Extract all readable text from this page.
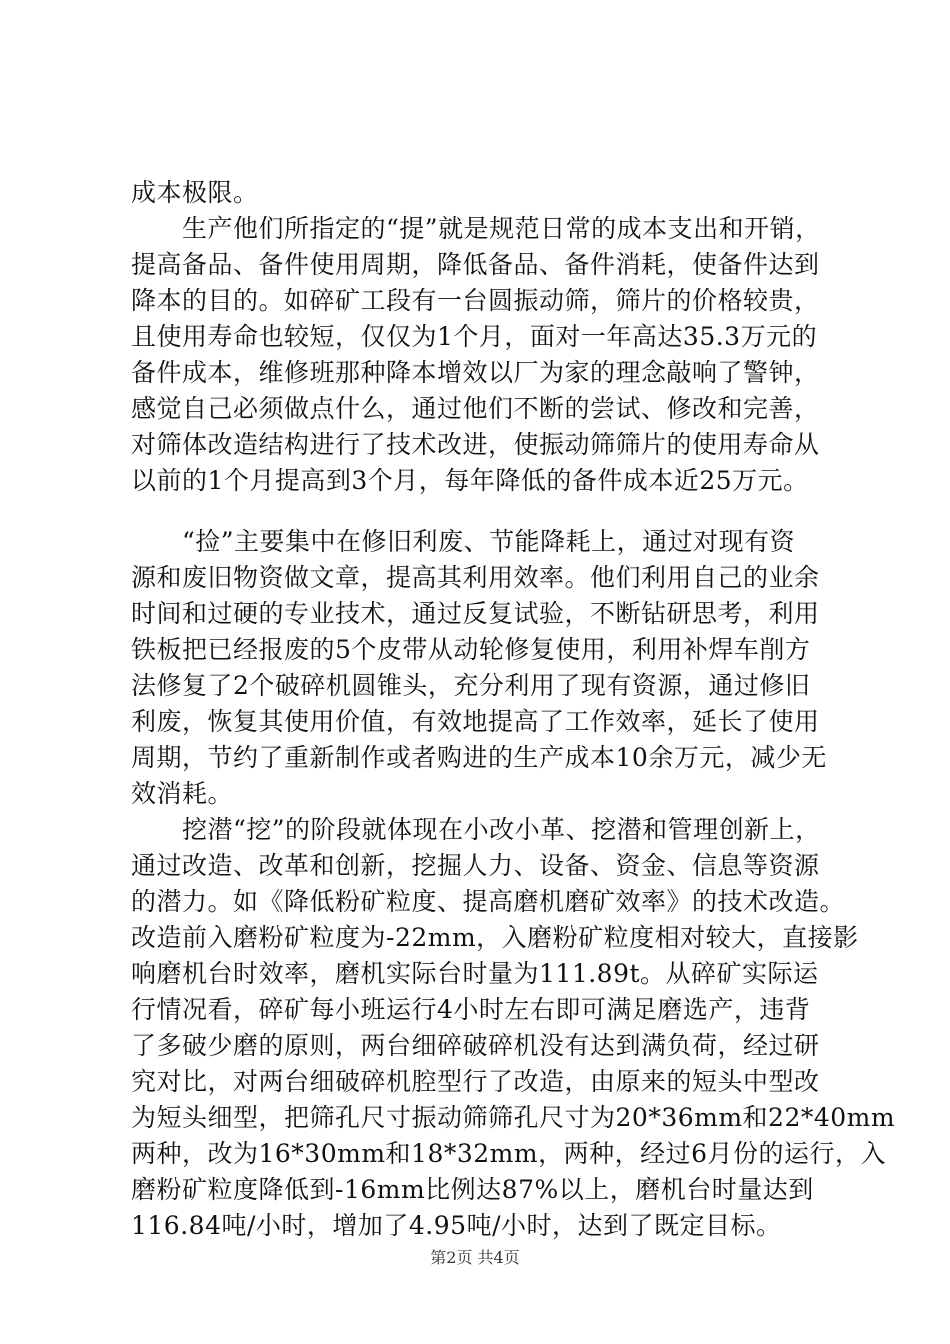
成本极限。
　　生产他们所指定的“提”就是规范日常的成本支出和开销，
提高备品、备件使用周期，降低备品、备件消耗，使备件达到
降本的目的。如碎矿工段有一台圆振动筛，筛片的价格较贵，
且使用寿命也较短，仅仅为1个月，面对一年高达35.3万元的
备件成本，维修班那种降本增效以厂为家的理念敲响了警钟，
感觉自己必须做点什么，通过他们不断的尝试、修改和完善，
对筛体改造结构进行了技术改进，使振动筛筛片的使用寿命从
以前的1个月提高到3个月，每年降低的备件成本近25万元。
　　“捡”主要集中在修旧利废、节能降耗上，通过对现有资
源和废旧物资做文章，提高其利用效率。他们利用自己的业余
时间和过硬的专业技术，通过反复试验，不断钻研思考，利用
铁板把已经报废的5个皮带从动轮修复使用，利用补焊车削方
法修复了2个破碎机圆锥头，充分利用了现有资源，通过修旧
利废，恢复其使用价值，有效地提高了工作效率，延长了使用
周期，节约了重新制作或者购进的生产成本10余万元，减少无
效消耗。
　　挖潜“挖”的阶段就体现在小改小革、挖潜和管理创新上，
通过改造、改革和创新，挖掘人力、设备、资金、信息等资源
的潜力。如《降低粉矿粒度、提高磨机磨矿效率》的技术改造。
改造前入磨粉矿粒度为-22mm，入磨粉矿粒度相对较大，直接影
响磨机台时效率，磨机实际台时量为111.89t。从碎矿实际运
行情况看，碎矿每小班运行4小时左右即可满足磨选产，违背
了多破少磨的原则，两台细碎破碎机没有达到满负荷，经过研
究对比，对两台细破碎机腔型行了改造，由原来的短头中型改
为短头细型，把筛孔尺寸振动筛筛孔尺寸为20*36mm和22*40mm
两种，改为16*30mm和18*32mm，两种，经过6月份的运行，入
磨粉矿粒度降低到-16mm比例达87%以上，磨机台时量达到
116.84吨/小时，增加了4.95吨/小时，达到了既定目标。
第2页 共4页
